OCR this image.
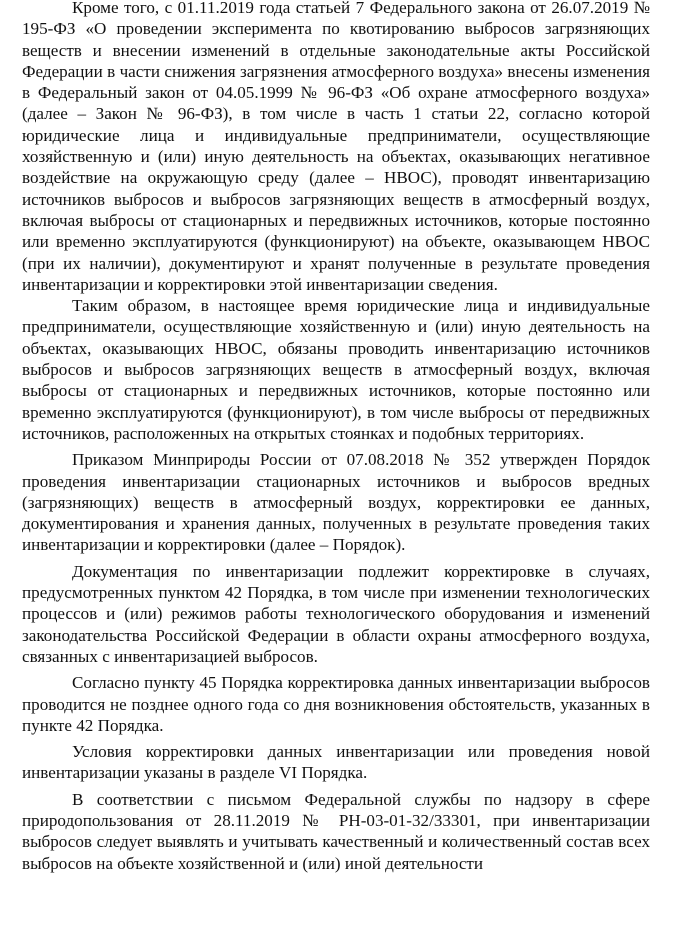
Кроме того, с 01.11.2019 года статьей 7 Федерального закона от 26.07.2019 № 195-ФЗ «О проведении эксперимента по квотированию выбросов загрязняющих веществ и внесении изменений в отдельные законодательные акты Российской Федерации в части снижения загрязнения атмосферного воздуха» внесены изменения в Федеральный закон от 04.05.1999 № 96-ФЗ «Об охране атмосферного воздуха» (далее – Закон № 96-ФЗ), в том числе в часть 1 статьи 22, согласно которой юридические лица и индивидуальные предприниматели, осуществляющие хозяйственную и (или) иную деятельность на объектах, оказывающих негативное воздействие на окружающую среду (далее – НВОС), проводят инвентаризацию источников выбросов и выбросов загрязняющих веществ в атмосферный воздух, включая выбросы от стационарных и передвижных источников, которые постоянно или временно эксплуатируются (функционируют) на объекте, оказывающем НВОС (при их наличии), документируют и хранят полученные в результате проведения инвентаризации и корректировки этой инвентаризации сведения.

Таким образом, в настоящее время юридические лица и индивидуальные предприниматели, осуществляющие хозяйственную и (или) иную деятельность на объектах, оказывающих НВОС, обязаны проводить инвентаризацию источников выбросов и выбросов загрязняющих веществ в атмосферный воздух, включая выбросы от стационарных и передвижных источников, которые постоянно или временно эксплуатируются (функционируют), в том числе выбросы от передвижных источников, расположенных на открытых стоянках и подобных территориях.

Приказом Минприроды России от 07.08.2018 № 352 утвержден Порядок проведения инвентаризации стационарных источников и выбросов вредных (загрязняющих) веществ в атмосферный воздух, корректировки ее данных, документирования и хранения данных, полученных в результате проведения таких инвентаризации и корректировки (далее – Порядок).

Документация по инвентаризации подлежит корректировке в случаях, предусмотренных пунктом 42 Порядка, в том числе при изменении технологических процессов и (или) режимов работы технологического оборудования и изменений законодательства Российской Федерации в области охраны атмосферного воздуха, связанных с инвентаризацией выбросов.

Согласно пункту 45 Порядка корректировка данных инвентаризации выбросов проводится не позднее одного года со дня возникновения обстоятельств, указанных в пункте 42 Порядка.

Условия корректировки данных инвентаризации или проведения новой инвентаризации указаны в разделе VI Порядка.

В соответствии с письмом Федеральной службы по надзору в сфере природопользования от 28.11.2019 № РН-03-01-32/33301, при инвентаризации выбросов следует выявлять и учитывать качественный и количественный состав всех выбросов на объекте хозяйственной и (или) иной деятельности
